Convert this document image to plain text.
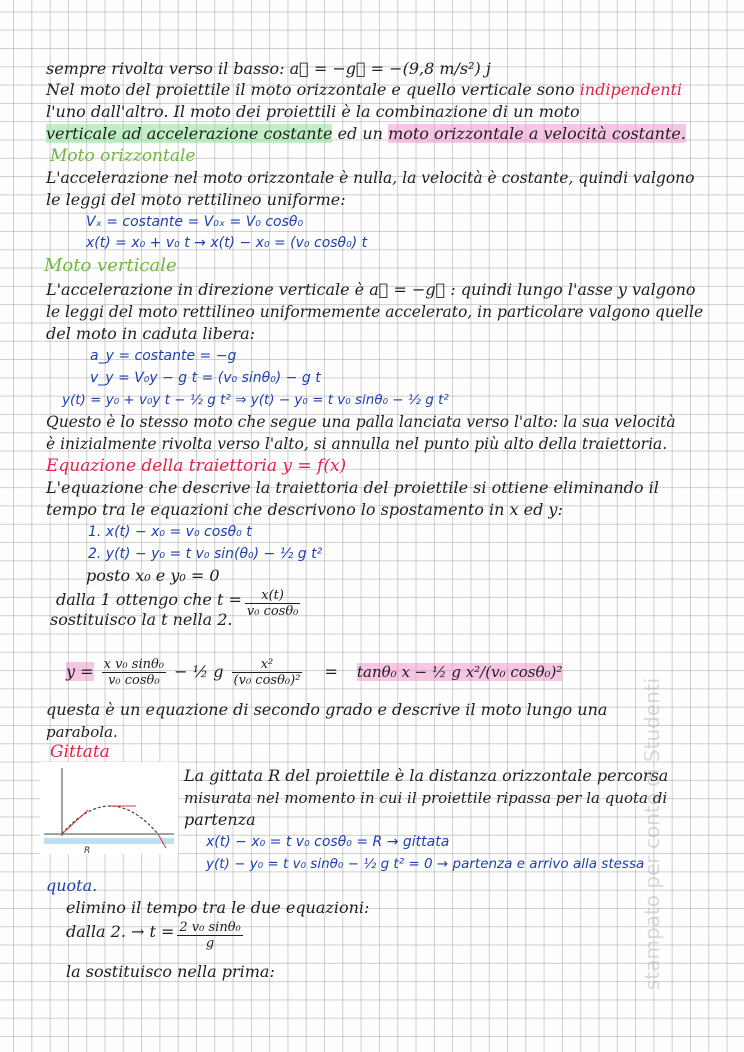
sempre rivolta verso il basso: a⃗ = −g⃗ = −(9,8 m/s²) j
Nel moto del proiettile il moto orizzontale e quello verticale sono indipendenti
l'uno dall'altro. Il moto dei proiettili è la combinazione di un moto
verticale ad accelerazione costante ed un moto orizzontale a velocità costante.
Moto orizzontale
L'accelerazione nel moto orizzontale è nulla, la velocità è costante, quindi valgono
le leggi del moto rettilineo uniforme:
Vₓ = costante = V₀ₓ = V₀ cosθ₀
x(t) = x₀ + v₀ t → x(t) − x₀ = (v₀ cosθ₀) t
Moto verticale
L'accelerazione in direzione verticale è a⃗ = −g⃗ : quindi lungo l'asse y valgono
le leggi del moto rettilineo uniformemente accelerato, in particolare valgono quelle
del moto in caduta libera:
a_y = costante = −g
v_y = V₀y − g t = (v₀ sinθ₀) − g t
y(t) = y₀ + v₀y t − ½ g t² ⇒ y(t) − y₀ = t v₀ sinθ₀ − ½ g t²
Questo è lo stesso moto che segue una palla lanciata verso l'alto: la sua velocità
è inizialmente rivolta verso l'alto, si annulla nel punto più alto della traiettoria.
Equazione della traiettoria y = f(x)
L'equazione che descrive la traiettoria del proiettile si ottiene eliminando il
tempo tra le equazioni che descrivono lo spostamento in x ed y:
1. x(t) − x₀ = v₀ cosθ₀ t
2. y(t) − y₀ = t v₀ sin(θ₀) − ½ g t²
posto x₀ e y₀ = 0
dalla 1 ottengo che $t = \frac{x(t)}{\text{v₀ cosθ₀}}$
sostituisco la t nella 2.
$y = \frac{\text{x v₀ sinθ₀}}{\text{v₀ cosθ₀}}$ − ½ g $\frac{\text{x²}}{\text{(v₀ cosθ₀)²}} = \tan\theta_0$ x − ½ g x²/(v₀ cosθ₀)²
questa è un equazione di secondo grado e descrive il moto lungo una
parabola.
Gittata
R
La gittata R del proiettile è la distanza orizzontale percorsa
misurata nel momento in cui il proiettile ripassa per la quota di
partenza
x(t) − x₀ = t v₀ cosθ₀ = R → gittata
y(t) − y₀ = t v₀ sinθ₀ − ½ g t² = 0 → partenza e arrivo alla stessa
quota.
elimino il tempo tra le due equazioni:
dalla 2. → $t = \frac{\text{2 v₀ sinθ₀}}{g}$
la sostituisco nella prima:	stampato per conto di Studenti
